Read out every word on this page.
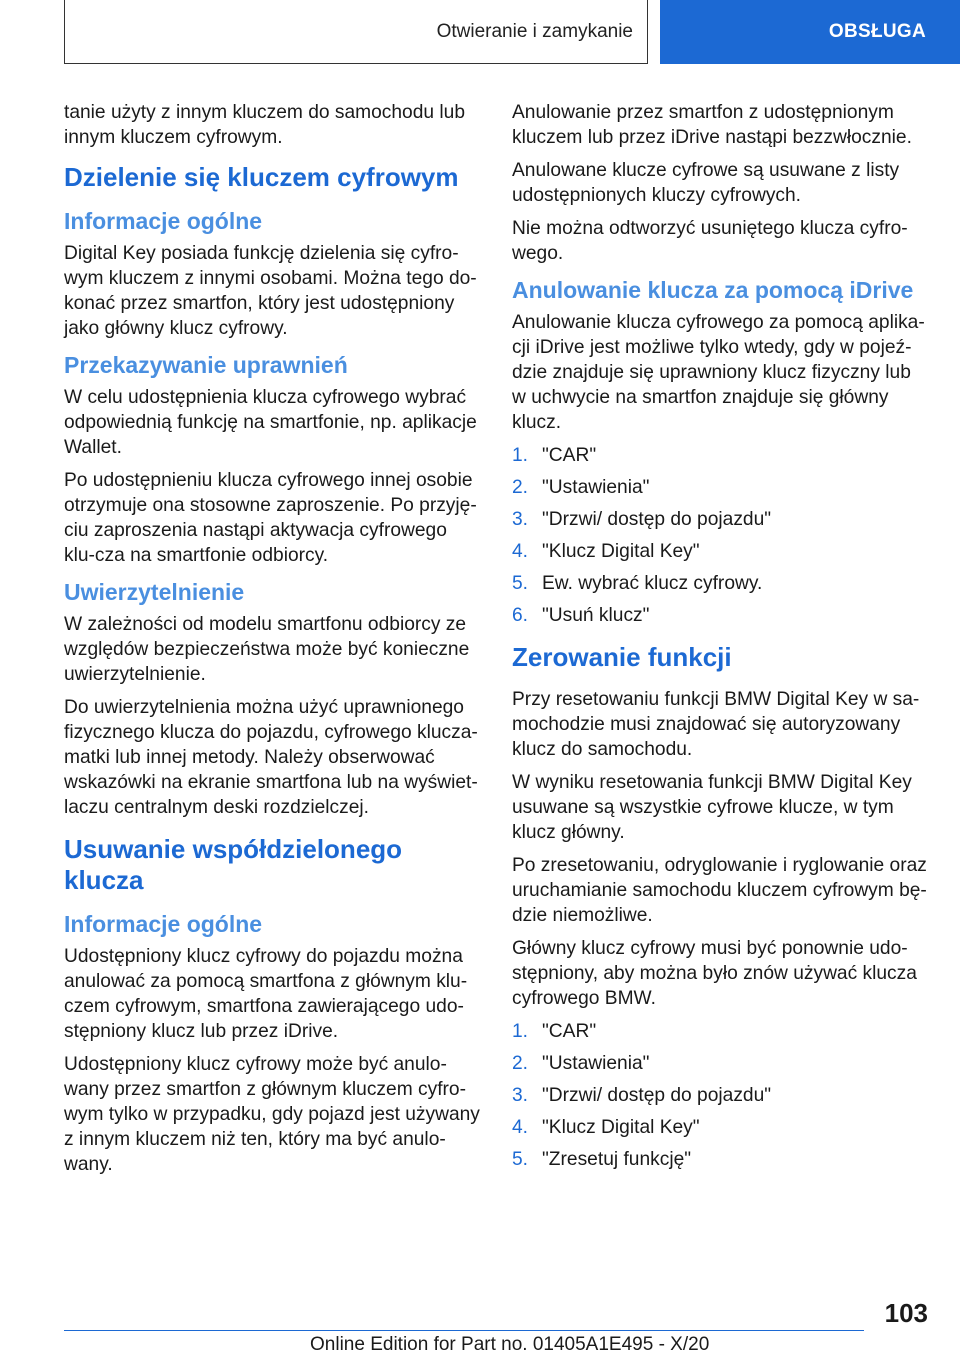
Otwieranie i zamykanie	OBSŁUGA

tanie użyty z innym kluczem do samochodu lub innym kluczem cyfrowym.

Dzielenie się kluczem cyfrowym
Informacje ogólne

Digital Key posiada funkcję dzielenia się cyfro-wym kluczem z innymi osobami. Można tego do-konać przez smartfon, który jest udostępniony jako główny klucz cyfrowy.

Przekazywanie uprawnień

W celu udostępnienia klucza cyfrowego wybrać odpowiednią funkcję na smartfonie, np. aplikacje Wallet.

Po udostępnieniu klucza cyfrowego innej osobie otrzymuje ona stosowne zaproszenie. Po przyję-ciu zaproszenia nastąpi aktywacja cyfrowego klu-cza na smartfonie odbiorcy.

Uwierzytelnienie

W zależności od modelu smartfonu odbiorcy ze względów bezpieczeństwa może być konieczne uwierzytelnienie.

Do uwierzytelnienia można użyć uprawnionego fizycznego klucza do pojazdu, cyfrowego klucza-matki lub innej metody. Należy obserwować wskazówki na ekranie smartfona lub na wyświet-laczu centralnym deski rozdzielczej.

Usuwanie współdzielonego klucza
Informacje ogólne

Udostępniony klucz cyfrowy do pojazdu można anulować za pomocą smartfona z głównym klu-czem cyfrowym, smartfona zawierającego udo-stępniony klucz lub przez iDrive.

Udostępniony klucz cyfrowy może być anulo-wany przez smartfon z głównym kluczem cyfro-wym tylko w przypadku, gdy pojazd jest używany z innym kluczem niż ten, który ma być anulo-wany.

Anulowanie przez smartfon z udostępnionym kluczem lub przez iDrive nastąpi bezzwłocznie.

Anulowane klucze cyfrowe są usuwane z listy udostępnionych kluczy cyfrowych.

Nie można odtworzyć usuniętego klucza cyfro-wego.

Anulowanie klucza za pomocą iDrive

Anulowanie klucza cyfrowego za pomocą aplika-cji iDrive jest możliwe tylko wtedy, gdy w pojeź-dzie znajduje się uprawniony klucz fizyczny lub w uchwycie na smartfon znajduje się główny klucz.

1. "CAR"
2. "Ustawienia"
3. "Drzwi/ dostęp do pojazdu"
4. "Klucz Digital Key"
5. Ew. wybrać klucz cyfrowy.
6. "Usuń klucz"
Zerowanie funkcji

Przy resetowaniu funkcji BMW Digital Key w sa-mochodzie musi znajdować się autoryzowany klucz do samochodu.

W wyniku resetowania funkcji BMW Digital Key usuwane są wszystkie cyfrowe klucze, w tym klucz główny.

Po zresetowaniu, odryglowanie i ryglowanie oraz uruchamianie samochodu kluczem cyfrowym bę-dzie niemożliwe.

Główny klucz cyfrowy musi być ponownie udo-stępniony, aby można było znów używać klucza cyfrowego BMW.

1. "CAR"
2. "Ustawienia"
3. "Drzwi/ dostęp do pojazdu"
4. "Klucz Digital Key"
5. "Zresetuj funkcję"
103
Online Edition for Part no. 01405A1E495 - X/20
